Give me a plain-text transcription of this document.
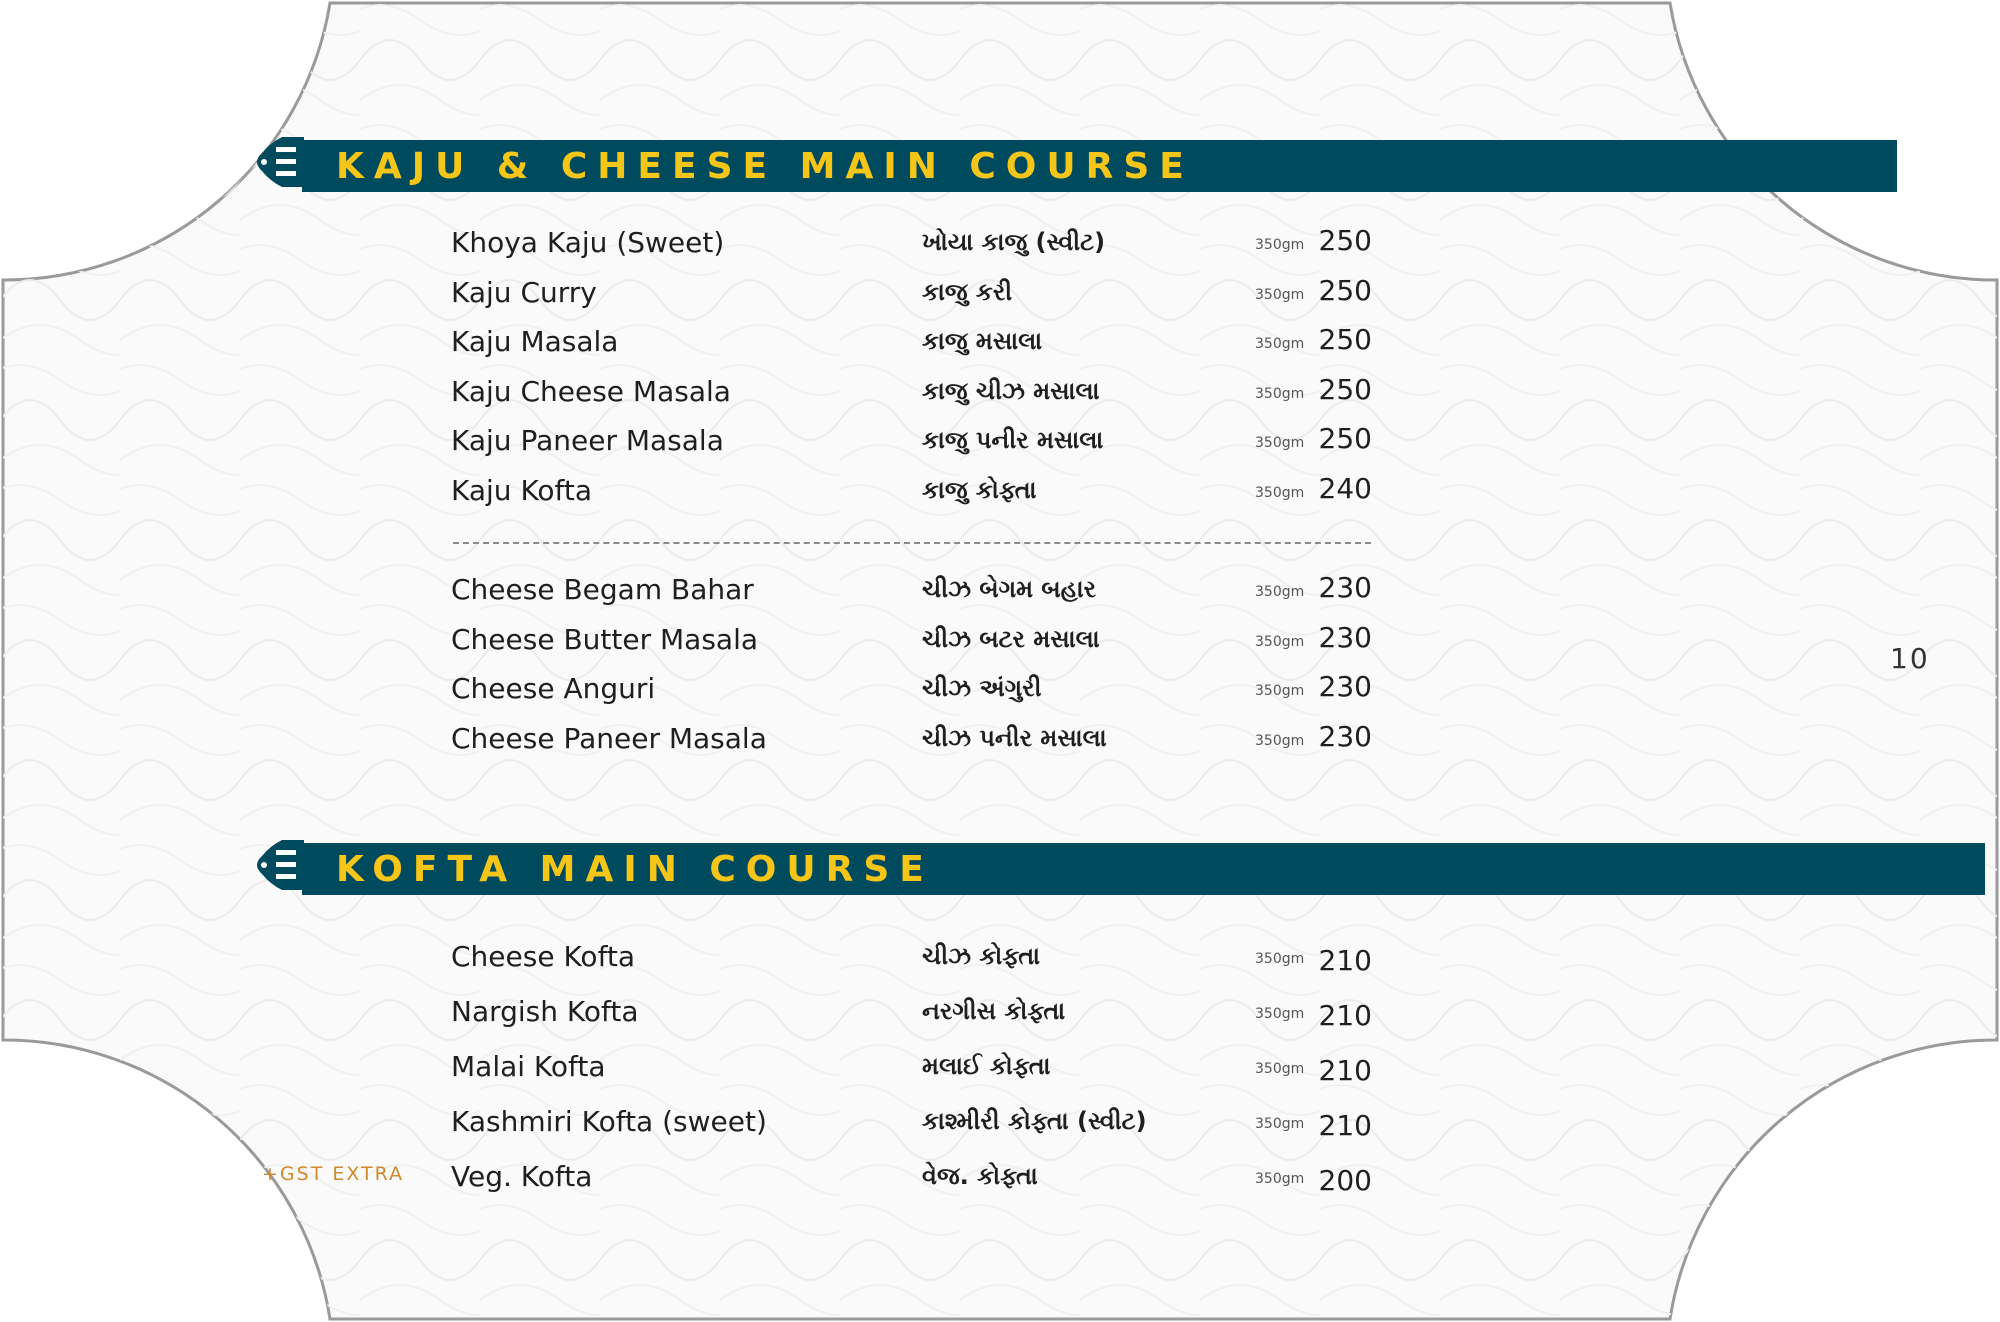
KAJU & CHEESE MAIN COURSE
Khoya Kaju (Sweet)	ખોયા કાજુ (સ્વીટ)	350gm 250
Kaju Curry	કાજુ કરી	350gm 250
Kaju Masala	કાજુ મસાલા	350gm 250
Kaju Cheese Masala	કાજુ ચીઝ મસાલા	350gm 250
Kaju Paneer Masala	કાજુ પનીર મસાલા	350gm 250
Kaju Kofta	કાજુ કોફ્તા	350gm 240
Cheese Begam Bahar	ચીઝ બેગમ બહાર	350gm 230
Cheese Butter Masala	ચીઝ બટર મસાલા	350gm 230
Cheese Anguri	ચીઝ અંગુરી	350gm 230
Cheese Paneer Masala	ચીઝ પનીર મસાલા	350gm 230
10
KOFTA MAIN COURSE
Cheese Kofta	ચીઝ કોફ્તા	350gm 210
Nargish Kofta	નરગીસ કોફ્તા	350gm 210
Malai Kofta	મલાઈ કોફ્તા	350gm 210
Kashmiri Kofta (sweet)	કાશ્મીરી કોફ્તા (સ્વીટ)	350gm 210
Veg. Kofta	વેજ. કોફ્તા	350gm 200
+GST EXTRA
